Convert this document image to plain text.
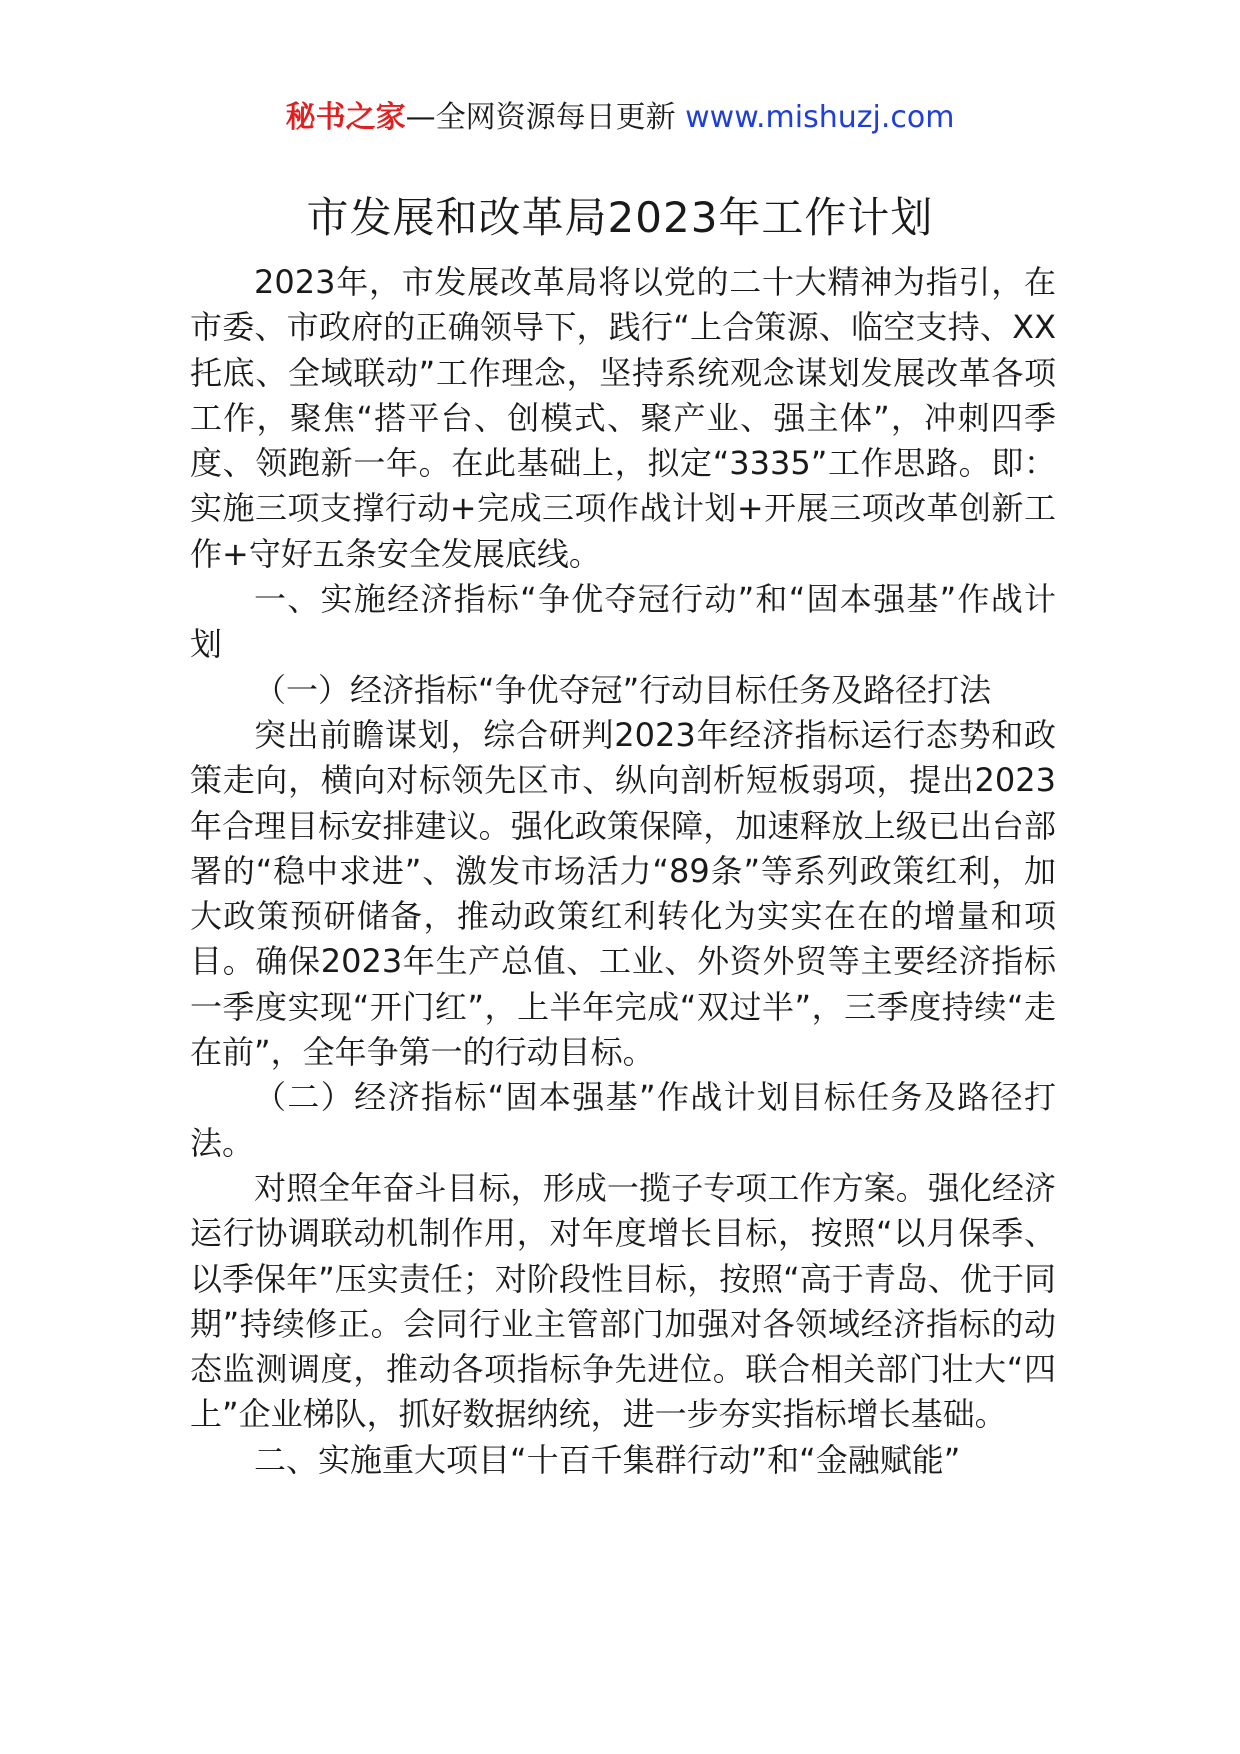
秘书之家—全网资源每日更新 www.mishuzj.com
市发展和改革局2023年工作计划

2023年，市发展改革局将以党的二十大精神为指引，在市委、市政府的正确领导下，践行“上合策源、临空支持、XX托底、全域联动”工作理念，坚持系统观念谋划发展改革各项工作，聚焦“搭平台、创模式、聚产业、强主体”，冲刺四季度、领跑新一年。在此基础上，拟定“3335”工作思路。即：实施三项支撑行动+完成三项作战计划+开展三项改革创新工作+守好五条安全发展底线。

一、实施经济指标“争优夺冠行动”和“固本强基”作战计划

（一）经济指标“争优夺冠”行动目标任务及路径打法

突出前瞻谋划，综合研判2023年经济指标运行态势和政策走向，横向对标领先区市、纵向剖析短板弱项，提出2023年合理目标安排建议。强化政策保障，加速释放上级已出台部署的“稳中求进”、激发市场活力“89条”等系列政策红利，加大政策预研储备，推动政策红利转化为实实在在的增量和项目。确保2023年生产总值、工业、外资外贸等主要经济指标一季度实现“开门红”，上半年完成“双过半”，三季度持续“走在前”，全年争第一的行动目标。

（二）经济指标“固本强基”作战计划目标任务及路径打法。

对照全年奋斗目标，形成一揽子专项工作方案。强化经济运行协调联动机制作用，对年度增长目标，按照“以月保季、以季保年”压实责任；对阶段性目标，按照“高于青岛、优于同期”持续修正。会同行业主管部门加强对各领域经济指标的动态监测调度，推动各项指标争先进位。联合相关部门壮大“四上”企业梯队，抓好数据纳统，进一步夯实指标增长基础。

二、实施重大项目“十百千集群行动”和“金融赋能”
